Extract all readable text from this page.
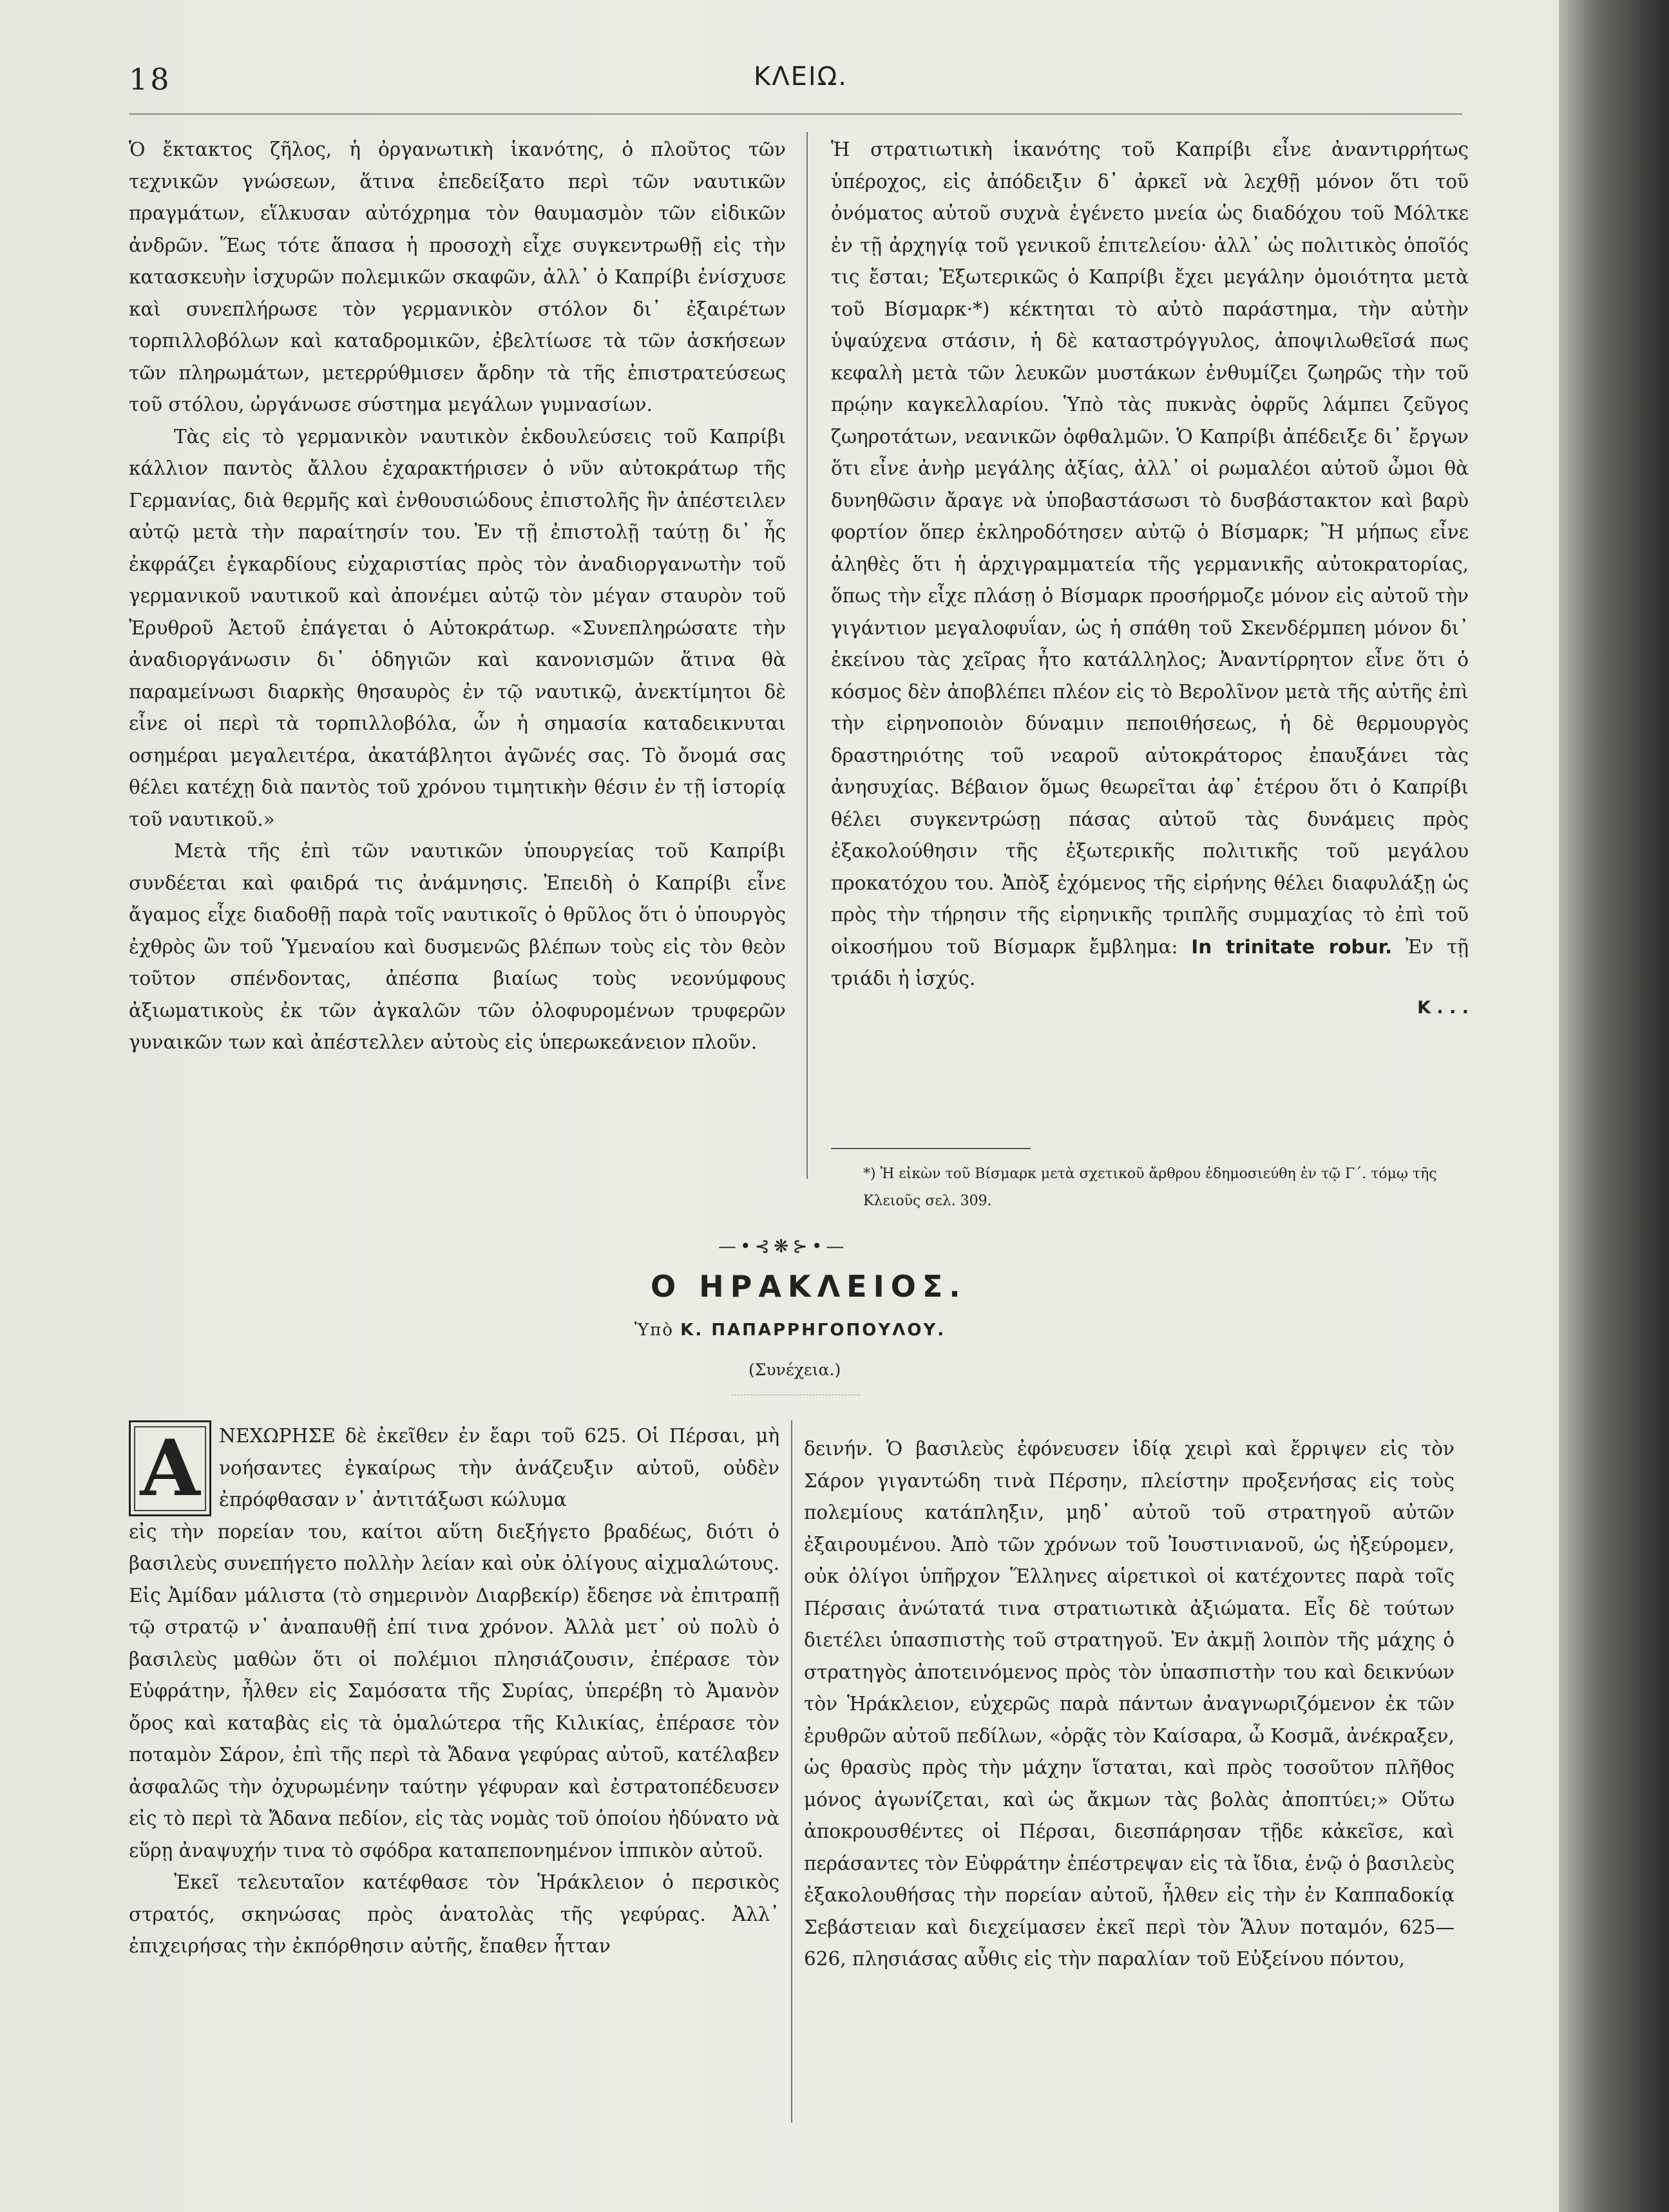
18	ΚΛΕΙΩ.

Ὁ ἔκτακτος ζῆλος, ἡ ὀργανωτικὴ ἱκανότης, ὁ πλοῦτος τῶν τεχνικῶν γνώσεων, ἅτινα ἐπεδείξατο περὶ τῶν ναυτικῶν πραγμάτων, εἵλκυσαν αὐτόχρημα τὸν θαυμασμὸν τῶν εἰδικῶν ἀνδρῶν. Ἕως τότε ἅπασα ἡ προσοχὴ εἶχε συγκεντρωθῇ εἰς τὴν κατασκευὴν ἰσχυρῶν πολεμικῶν σκαφῶν, ἀλλ᾽ ὁ Καπρίβι ἐνίσχυσε καὶ συνεπλήρωσε τὸν γερμανικὸν στόλον δι᾽ ἐξαιρέτων τορπιλλοβόλων καὶ καταδρομικῶν, ἐβελτίωσε τὰ τῶν ἀσκήσεων τῶν πληρωμάτων, μετερρύθμισεν ἄρδην τὰ τῆς ἐπιστρατεύσεως τοῦ στόλου, ὠργάνωσε σύστημα μεγάλων γυμνασίων.

Τὰς εἰς τὸ γερμανικὸν ναυτικὸν ἐκδουλεύσεις τοῦ Καπρίβι κάλλιον παντὸς ἄλλου ἐχαρακτήρισεν ὁ νῦν αὐτοκράτωρ τῆς Γερμανίας, διὰ θερμῆς καὶ ἐνθουσιώδους ἐπιστολῆς ἣν ἀπέστειλεν αὐτῷ μετὰ τὴν παραίτησίν του. Ἐν τῇ ἐπιστολῇ ταύτῃ δι᾽ ἧς ἐκφράζει ἐγκαρδίους εὐχαριστίας πρὸς τὸν ἀναδιοργανωτὴν τοῦ γερμανικοῦ ναυτικοῦ καὶ ἀπονέμει αὐτῷ τὸν μέγαν σταυρὸν τοῦ Ἐρυθροῦ Ἀετοῦ ἐπάγεται ὁ Αὐτοκράτωρ. «Συνεπληρώσατε τὴν ἀναδιοργάνωσιν δι᾽ ὁδηγιῶν καὶ κανονισμῶν ἅτινα θὰ παραμείνωσι διαρκὴς θησαυρὸς ἐν τῷ ναυτικῷ, ἀνεκτίμητοι δὲ εἶνε οἱ περὶ τὰ τορπιλλοβόλα, ὧν ἡ σημασία καταδεικνυται οσημέραι μεγαλειτέρα, ἀκατάβλητοι ἀγῶνές σας. Τὸ ὄνομά σας θέλει κατέχῃ διὰ παντὸς τοῦ χρόνου τιμητικὴν θέσιν ἐν τῇ ἱστορίᾳ τοῦ ναυτικοῦ.»

Μετὰ τῆς ἐπὶ τῶν ναυτικῶν ὑπουργείας τοῦ Καπρίβι συνδέεται καὶ φαιδρά τις ἀνάμνησις. Ἐπειδὴ ὁ Καπρίβι εἶνε ἄγαμος εἶχε διαδοθῇ παρὰ τοῖς ναυτικοῖς ὁ θρῦλος ὅτι ὁ ὑπουργὸς ἐχθρὸς ὢν τοῦ Ὑμεναίου καὶ δυσμενῶς βλέπων τοὺς εἰς τὸν θεὸν τοῦτον σπένδοντας, ἀπέσπα βιαίως τοὺς νεονύμφους ἀξιωματικοὺς ἐκ τῶν ἀγκαλῶν τῶν ὀλοφυρομένων τρυφερῶν γυναικῶν των καὶ ἀπέστελλεν αὐτοὺς εἰς ὑπερωκεάνειον πλοῦν.

Ἡ στρατιωτικὴ ἱκανότης τοῦ Καπρίβι εἶνε ἀναντιρρήτως ὑπέροχος, εἰς ἀπόδειξιν δ᾽ ἀρκεῖ νὰ λεχθῇ μόνον ὅτι τοῦ ὀνόματος αὐτοῦ συχνὰ ἐγένετο μνεία ὡς διαδόχου τοῦ Μόλτκε ἐν τῇ ἀρχηγίᾳ τοῦ γενικοῦ ἐπιτελείου· ἀλλ᾽ ὡς πολιτικὸς ὁποῖός τις ἔσται; Ἐξωτερικῶς ὁ Καπρίβι ἔχει μεγάλην ὁμοιότητα μετὰ τοῦ Βίσμαρκ·*) κέκτηται τὸ αὐτὸ παράστημα, τὴν αὐτὴν ὑψαύχενα στάσιν, ἡ δὲ καταστρόγγυλος, ἀποψιλωθεῖσά πως κεφαλὴ μετὰ τῶν λευκῶν μυστάκων ἐνθυμίζει ζωηρῶς τὴν τοῦ πρῴην καγκελλαρίου. Ὑπὸ τὰς πυκνὰς ὀφρῦς λάμπει ζεῦγος ζωηροτάτων, νεανικῶν ὀφθαλμῶν. Ὁ Καπρίβι ἀπέδειξε δι᾽ ἔργων ὅτι εἶνε ἀνὴρ μεγάλης ἀξίας, ἀλλ᾽ οἱ ρωμαλέοι αὐτοῦ ὦμοι θὰ δυνηθῶσιν ἄραγε νὰ ὑποβαστάσωσι τὸ δυσβάστακτον καὶ βαρὺ φορτίον ὅπερ ἐκληροδότησεν αὐτῷ ὁ Βίσμαρκ; Ἢ μήπως εἶνε ἀληθὲς ὅτι ἡ ἀρχιγραμματεία τῆς γερμανικῆς αὐτοκρατορίας, ὅπως τὴν εἶχε πλάσῃ ὁ Βίσμαρκ προσήρμοζε μόνον εἰς αὐτοῦ τὴν γιγάντιον μεγαλοφυΐαν, ὡς ἡ σπάθη τοῦ Σκενδέρμπεη μόνον δι᾽ ἐκείνου τὰς χεῖρας ἦτο κατάλληλος; Ἀναντίρρητον εἶνε ὅτι ὁ κόσμος δὲν ἀποβλέπει πλέον εἰς τὸ Βερολῖνον μετὰ τῆς αὐτῆς ἐπὶ τὴν εἰρηνοποιὸν δύναμιν πεποιθήσεως, ἡ δὲ θερμουργὸς δραστηριότης τοῦ νεαροῦ αὐτοκράτορος ἐπαυξάνει τὰς ἀνησυχίας. Βέβαιον ὅμως θεωρεῖται ἀφ᾽ ἑτέρου ὅτι ὁ Καπρίβι θέλει συγκεντρώσῃ πάσας αὐτοῦ τὰς δυνάμεις πρὸς ἐξακολούθησιν τῆς ἐξωτερικῆς πολιτικῆς τοῦ μεγάλου προκατόχου του. Ἀπὸξ ἐχόμενος τῆς εἰρήνης θέλει διαφυλάξῃ ὡς πρὸς τὴν τήρησιν τῆς εἰρηνικῆς τριπλῆς συμμαχίας τὸ ἐπὶ τοῦ οἰκοσήμου τοῦ Βίσμαρκ ἔμβλημα: In trinitate robur. Ἐν τῇ τριάδι ἡ ἰσχύς.

Κ . . .
*) Ἡ εἰκὼν τοῦ Βίσμαρκ μετὰ σχετικοῦ ἄρθρου ἐδημοσιεύθη ἐν τῷ Γ΄. τόμῳ τῆς Κλειοῦς σελ. 309.
—•⊰❋⊱•—
Ο ΗΡΑΚΛΕΙΟΣ.
Ὑπὸ Κ. ΠΑΠΑΡΡΗΓΟΠΟΥΛΟΥ.
(Συνέχεια.)
Α ΝΕΧΩΡΗΣΕ δὲ ἐκεῖθεν ἐν ἔαρι τοῦ 625. Οἱ Πέρσαι, μὴ νοήσαντες ἐγκαίρως τὴν ἀνάζευξιν αὐτοῦ, οὐδὲν ἐπρόφθασαν ν᾽ ἀντιτάξωσι κώλυμα

εἰς τὴν πορείαν του, καίτοι αὕτη διεξήγετο βραδέως, διότι ὁ βασιλεὺς συνεπήγετο πολλὴν λείαν καὶ οὐκ ὀλίγους αἰχμαλώτους. Εἰς Ἀμίδαν μάλιστα (τὸ σημερινὸν Διαρβεκίρ) ἔδεησε νὰ ἐπιτραπῇ τῷ στρατῷ ν᾽ ἀναπαυθῇ ἐπί τινα χρόνον. Ἀλλὰ μετ᾽ οὐ πολὺ ὁ βασιλεὺς μαθὼν ὅτι οἱ πολέμιοι πλησιάζουσιν, ἐπέρασε τὸν Εὐφράτην, ἦλθεν εἰς Σαμόσατα τῆς Συρίας, ὑπερέβη τὸ Ἀμανὸν ὄρος καὶ καταβὰς εἰς τὰ ὁμαλώτερα τῆς Κιλικίας, ἐπέρασε τὸν ποταμὸν Σάρον, ἐπὶ τῆς περὶ τὰ Ἄδανα γεφύρας αὐτοῦ, κατέλαβεν ἀσφαλῶς τὴν ὀχυρωμένην ταύτην γέφυραν καὶ ἐστρατοπέδευσεν εἰς τὸ περὶ τὰ Ἄδανα πεδίον, εἰς τὰς νομὰς τοῦ ὁποίου ἠδύνατο νὰ εὕρῃ ἀναψυχήν τινα τὸ σφόδρα καταπεπονημένον ἱππικὸν αὐτοῦ.

Ἐκεῖ τελευταῖον κατέφθασε τὸν Ἡράκλειον ὁ περσικὸς στρατός, σκηνώσας πρὸς ἀνατολὰς τῆς γεφύρας. Ἀλλ᾽ ἐπιχειρήσας τὴν ἐκπόρθησιν αὐτῆς, ἔπαθεν ἧτταν

δεινήν. Ὁ βασιλεὺς ἐφόνευσεν ἰδίᾳ χειρὶ καὶ ἔρριψεν εἰς τὸν Σάρον γιγαντώδη τινὰ Πέρσην, πλείστην προξενήσας εἰς τοὺς πολεμίους κατάπληξιν, μηδ᾽ αὐτοῦ τοῦ στρατηγοῦ αὐτῶν ἐξαιρουμένου. Ἀπὸ τῶν χρόνων τοῦ Ἰουστινιανοῦ, ὡς ἠξεύρομεν, οὐκ ὀλίγοι ὑπῆρχον Ἕλληνες αἱρετικοὶ οἱ κατέχοντες παρὰ τοῖς Πέρσαις ἀνώτατά τινα στρατιωτικὰ ἀξιώματα. Εἷς δὲ τούτων διετέλει ὑπασπιστὴς τοῦ στρατηγοῦ. Ἐν ἀκμῇ λοιπὸν τῆς μάχης ὁ στρατηγὸς ἀποτεινόμενος πρὸς τὸν ὑπασπιστὴν του καὶ δεικνύων τὸν Ἡράκλειον, εὐχερῶς παρὰ πάντων ἀναγνωριζόμενον ἐκ τῶν ἐρυθρῶν αὐτοῦ πεδίλων, «ὁρᾷς τὸν Καίσαρα, ὦ Κοσμᾶ, ἀνέκραξεν, ὡς θρασὺς πρὸς τὴν μάχην ἵσταται, καὶ πρὸς τοσοῦτον πλῆθος μόνος ἀγωνίζεται, καὶ ὡς ἄκμων τὰς βολὰς ἀποπτύει;» Οὕτω ἀποκρουσθέντες οἱ Πέρσαι, διεσπάρησαν τῇδε κἀκεῖσε, καὶ περάσαντες τὸν Εὐφράτην ἐπέστρεψαν εἰς τὰ ἴδια, ἐνῷ ὁ βασιλεὺς ἐξακολουθήσας τὴν πορείαν αὐτοῦ, ἦλθεν εἰς τὴν ἐν Καππαδοκίᾳ Σεβάστειαν καὶ διεχείμασεν ἐκεῖ περὶ τὸν Ἅλυν ποταμόν, 625—626, πλησιάσας αὖθις εἰς τὴν παραλίαν τοῦ Εὐξείνου πόντου,
